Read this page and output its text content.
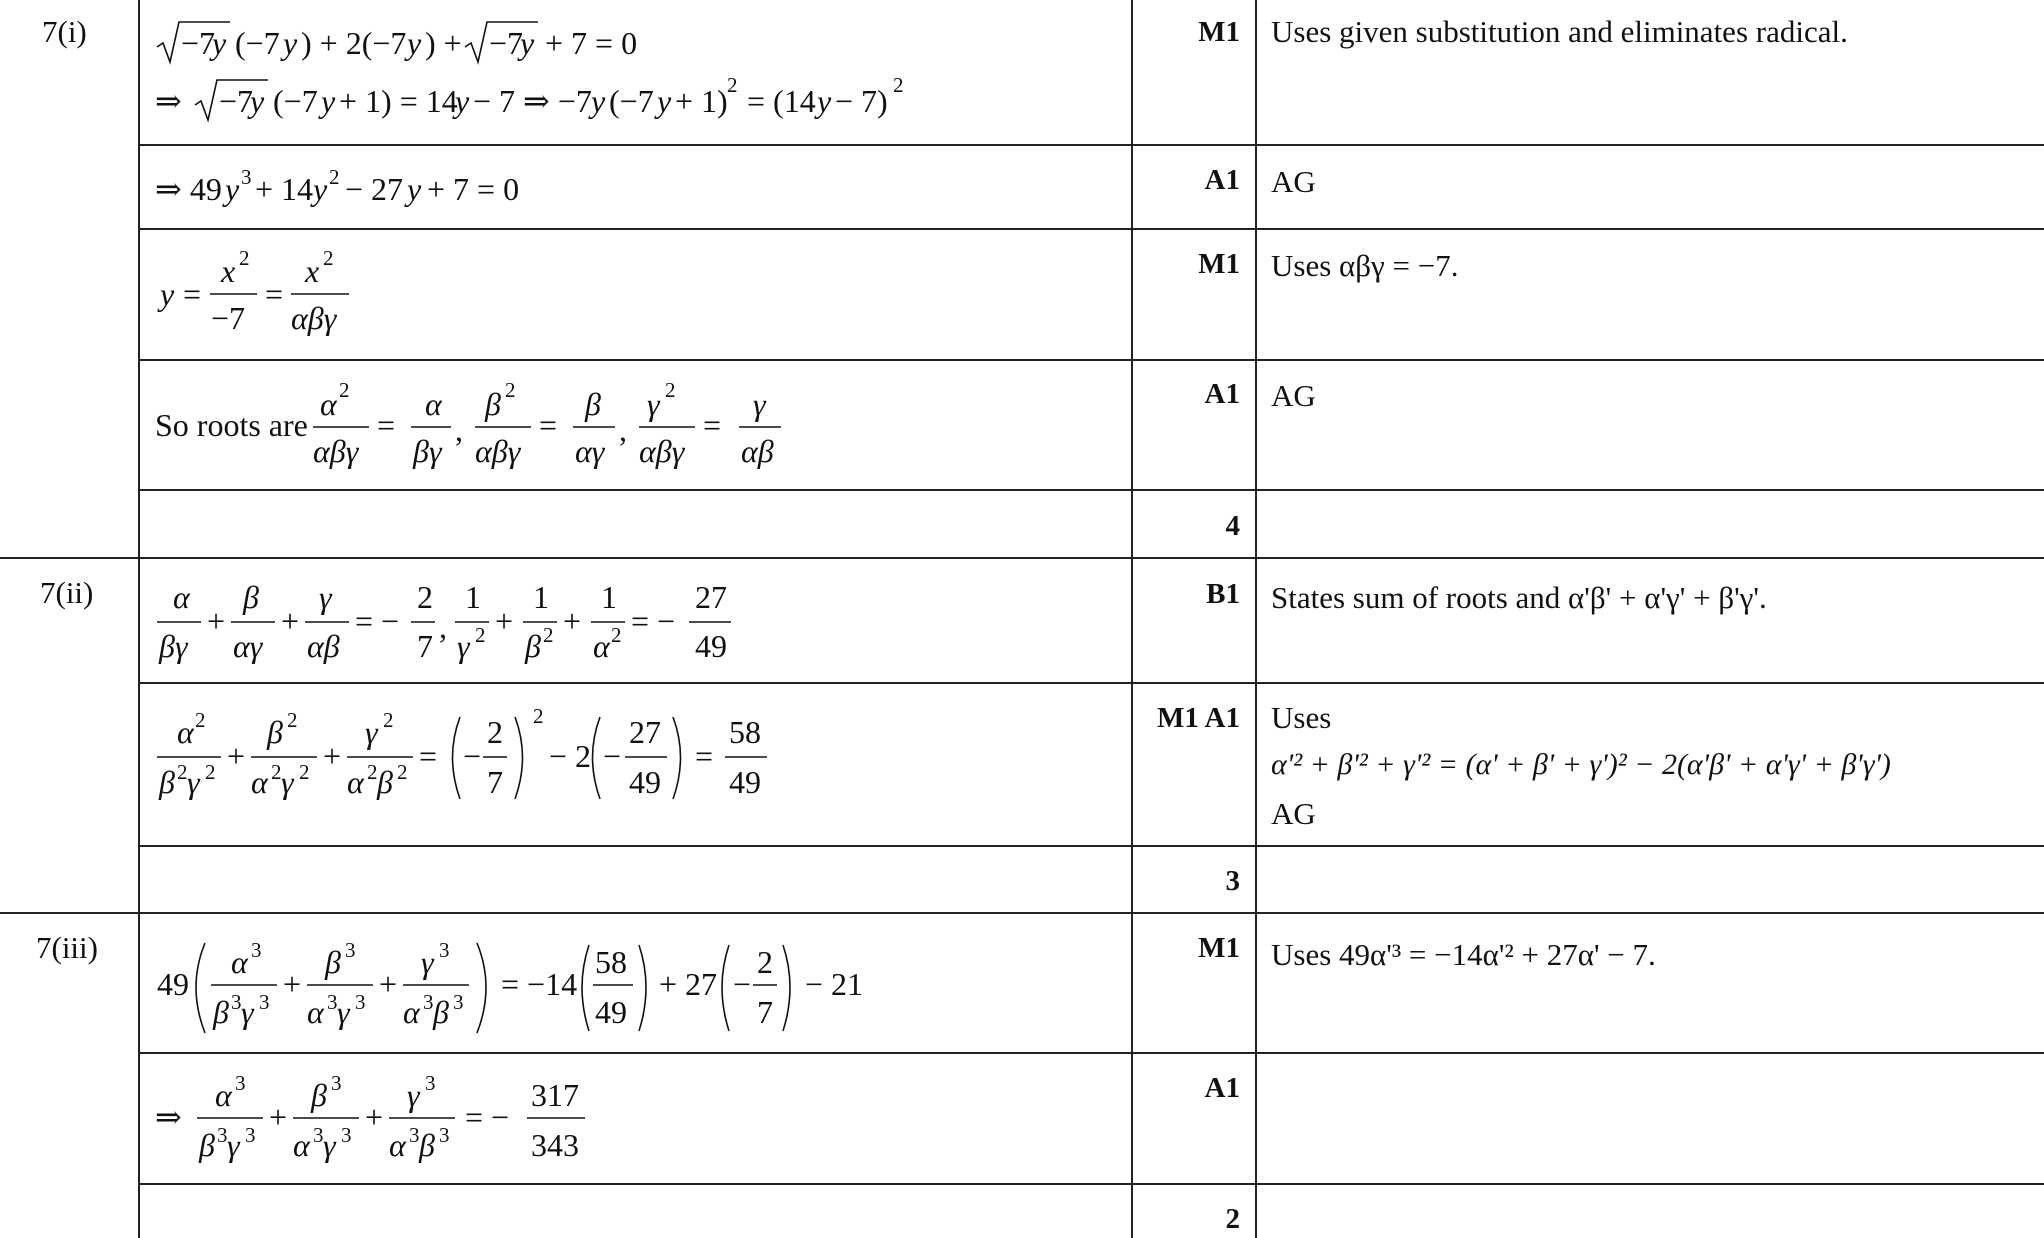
7(i)
7(ii)
7(iii)
M1
A1
M1
A1
4
B1
M1 A1
3
M1
A1
2
Uses given substitution and eliminates radical.
AG
Uses αβγ = −7.
AG
States sum of roots and α'β' + α'γ' + β'γ'.
Uses
α'² + β'² + γ'² = (α' + β' + γ')² − 2(α'β' + α'γ' + β'γ')
AG
Uses 49α'³ = −14α'² + 27α' − 7.
−7
y (−7 y ) + 2(−7 y ) + −7
y + 7 = 0
⇒ −7
y (−7 y + 1) = 14
y − 7 ⇒ −7 y (−7 y + 1) 2 = (14 y − 7) 2
⇒ 49 y 3 + 14 y 2 − 27 y + 7 = 0
y =
x 2
−7
=
x 2
αβγ
So roots are
α 2
αβγ
=
α
βγ
,
β 2
αβγ
=
β
αγ
,
γ 2
αβγ
=
γ
αβ
α
βγ
+
β
αγ
+
γ
αβ
= −
2
7
,
1
γ 2 +
1
β 2 +
1
α 2 = −
27
49
α 2
β 2 γ 2 +
β 2
α 2 γ 2 +
γ 2
α 2 β 2 = −
2
7
2
− 2 −
27
49
=
58
49
49
α 3
β 3 γ 3 +
β 3
α 3 γ 3 +
γ 3
α 3 β 3 = −14
58
49
+ 27 −
2
7
− 21
⇒
α 3
β 3 γ 3 +
β 3
α 3 γ 3 +
γ 3
α 3 β 3 = −
317
343
